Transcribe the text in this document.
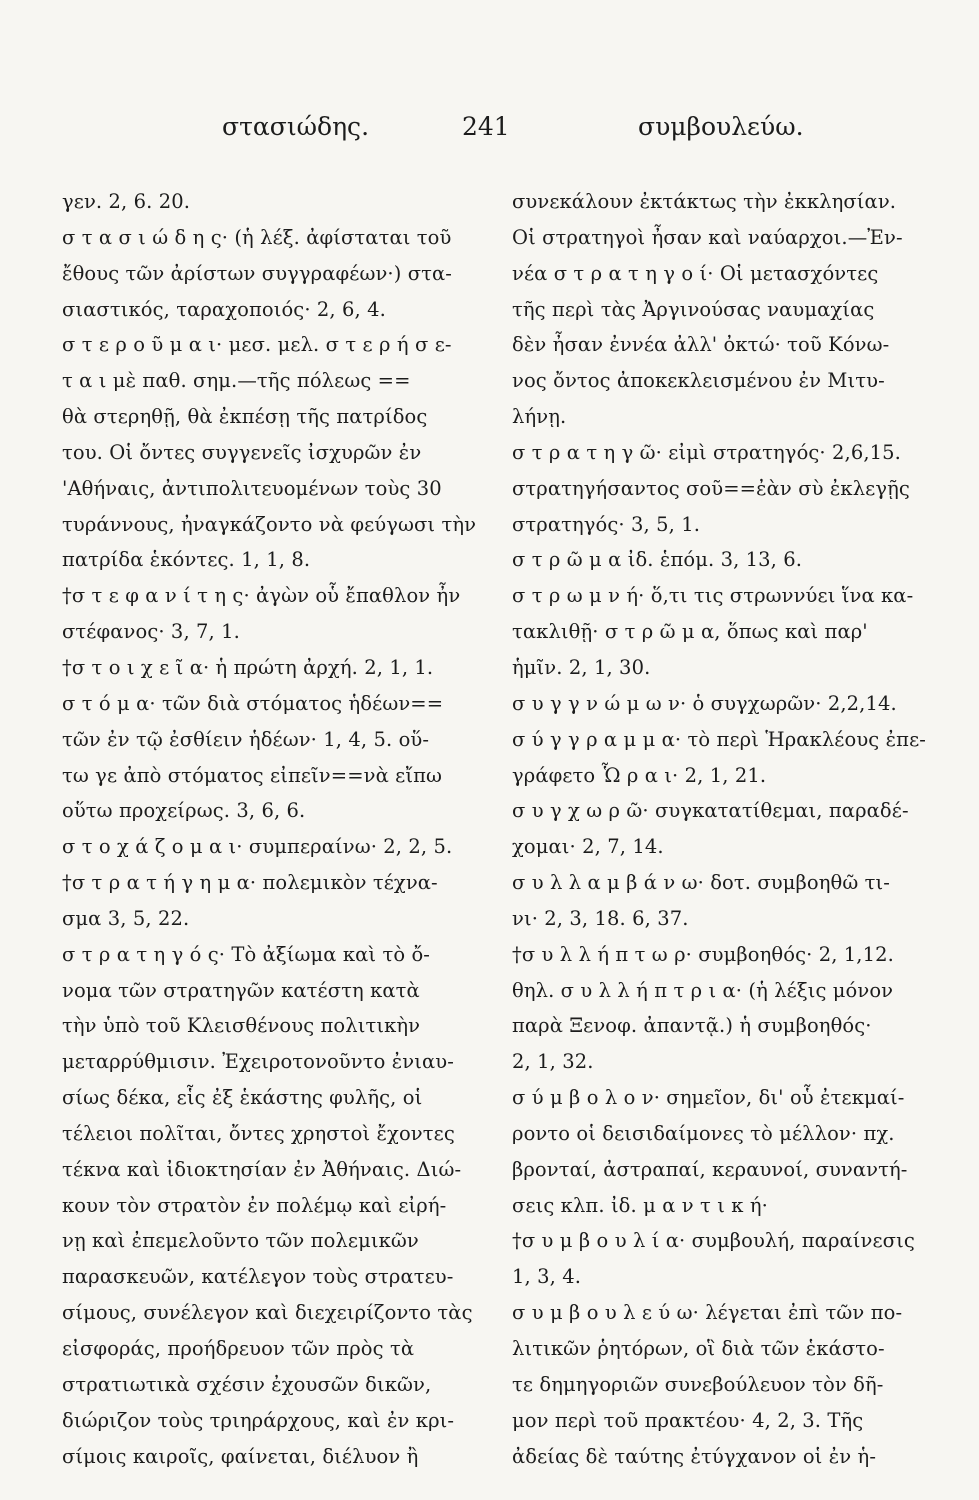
στασιώδης.	241	συμβουλεύω.
γεν. 2, 6. 20.
σ τ α σ ι ώ δ η ς· (ἡ λέξ. ἀφίσταται τοῦ
ἔθους τῶν ἀρίστων συγγραφέων·) στα-
σιαστικός, ταραχοποιός· 2, 6, 4.
σ τ ε ρ ο ῦ μ α ι· μεσ. μελ. σ τ ε ρ ή σ ε-
τ α ι μὲ παθ. σημ.—τῆς πόλεως ==
θὰ στερηθῇ, θὰ ἐκπέσῃ τῆς πατρίδος
του. Οἱ ὄντες συγγενεῖς ἰσχυρῶν ἐν
'Αθήναις, ἀντιπολιτευομένων τοὺς 30
τυράννους, ἠναγκάζοντο νὰ φεύγωσι τὴν
πατρίδα ἑκόντες. 1, 1, 8.
†σ τ ε φ α ν ί τ η ς· ἀγὼν οὗ ἔπαθλον ἦν
στέφανος· 3, 7, 1.
†σ τ ο ι χ ε ῖ α· ἡ πρώτη ἀρχή. 2, 1, 1.
σ τ ό μ α· τῶν διὰ στόματος ἡδέων==
τῶν ἐν τῷ ἐσθίειν ἡδέων· 1, 4, 5. οὕ-
τω γε ἀπὸ στόματος εἰπεῖν==νὰ εἴπω
οὕτω προχείρως. 3, 6, 6.
σ τ ο χ ά ζ ο μ α ι· συμπεραίνω· 2, 2, 5.
†σ τ ρ α τ ή γ η μ α· πολεμικὸν τέχνα-
σμα 3, 5, 22.
σ τ ρ α τ η γ ό ς· Τὸ ἀξίωμα καὶ τὸ ὄ-
νομα τῶν στρατηγῶν κατέστη κατὰ
τὴν ὑπὸ τοῦ Κλεισθένους πολιτικὴν
μεταρρύθμισιν. Ἐχειροτονοῦντο ἐνιαυ-
σίως δέκα, εἷς ἐξ ἑκάστης φυλῆς, οἱ
τέλειοι πολῖται, ὄντες χρηστοὶ ἔχοντες
τέκνα καὶ ἰδιοκτησίαν ἐν Ἀθήναις. Διώ-
κουν τὸν στρατὸν ἐν πολέμῳ καὶ εἰρή-
νῃ καὶ ἐπεμελοῦντο τῶν πολεμικῶν
παρασκευῶν, κατέλεγον τοὺς στρατευ-
σίμους, συνέλεγον καὶ διεχειρίζοντο τὰς
εἰσφοράς, προήδρευον τῶν πρὸς τὰ
στρατιωτικὰ σχέσιν ἐχουσῶν δικῶν,
διώριζον τοὺς τριηράρχους, καὶ ἐν κρι-
σίμοις καιροῖς, φαίνεται, διέλυον ἢ
συνεκάλουν ἐκτάκτως τὴν ἐκκλησίαν.
Οἱ στρατηγοὶ ἦσαν καὶ ναύαρχοι.—Ἐν-
νέα σ τ ρ α τ η γ ο ί· Οἱ μετασχόντες
τῆς περὶ τὰς Ἀργινούσας ναυμαχίας
δὲν ἦσαν ἐννέα ἀλλ' ὀκτώ· τοῦ Κόνω-
νος ὄντος ἀποκεκλεισμένου ἐν Μιτυ-
λήνῃ.
σ τ ρ α τ η γ ῶ· εἰμὶ στρατηγός· 2,6,15.
στρατηγήσαντος σοῦ==ἐὰν σὺ ἐκλεγῇς
στρατηγός· 3, 5, 1.
σ τ ρ ῶ μ α ἰδ. ἑπόμ. 3, 13, 6.
σ τ ρ ω μ ν ή· ὅ,τι τις στρωννύει ἵνα κα-
τακλιθῇ· σ τ ρ ῶ μ α, ὅπως καὶ παρ'
ἡμῖν. 2, 1, 30.
σ υ γ γ ν ώ μ ω ν· ὁ συγχωρῶν· 2,2,14.
σ ύ γ γ ρ α μ μ α· τὸ περὶ Ἡρακλέους ἐπε-
γράφετο Ὧ ρ α ι· 2, 1, 21.
σ υ γ χ ω ρ ῶ· συγκατατίθεμαι, παραδέ-
χομαι· 2, 7, 14.
σ υ λ λ α μ β ά ν ω· δοτ. συμβοηθῶ τι-
νι· 2, 3, 18. 6, 37.
†σ υ λ λ ή π τ ω ρ· συμβοηθός· 2, 1,12.
θηλ. σ υ λ λ ή π τ ρ ι α· (ἡ λέξις μόνον
παρὰ Ξενοφ. ἀπαντᾷ.) ἡ συμβοηθός·
2, 1, 32.
σ ύ μ β ο λ ο ν· σημεῖον, δι' οὗ ἐτεκμαί-
ροντο οἱ δεισιδαίμονες τὸ μέλλον· πχ.
βρονταί, ἀστραπαί, κεραυνοί, συναντή-
σεις κλπ. ἰδ. μ α ν τ ι κ ή·
†σ υ μ β ο υ λ ί α· συμβουλή, παραίνεσις
1, 3, 4.
σ υ μ β ο υ λ ε ύ ω· λέγεται ἐπὶ τῶν πο-
λιτικῶν ῥητόρων, οἳ διὰ τῶν ἑκάστο-
τε δημηγοριῶν συνεβούλευον τὸν δῆ-
μον περὶ τοῦ πρακτέου· 4, 2, 3. Τῆς
ἀδείας δὲ ταύτης ἐτύγχανον οἱ ἐν ἡ-
